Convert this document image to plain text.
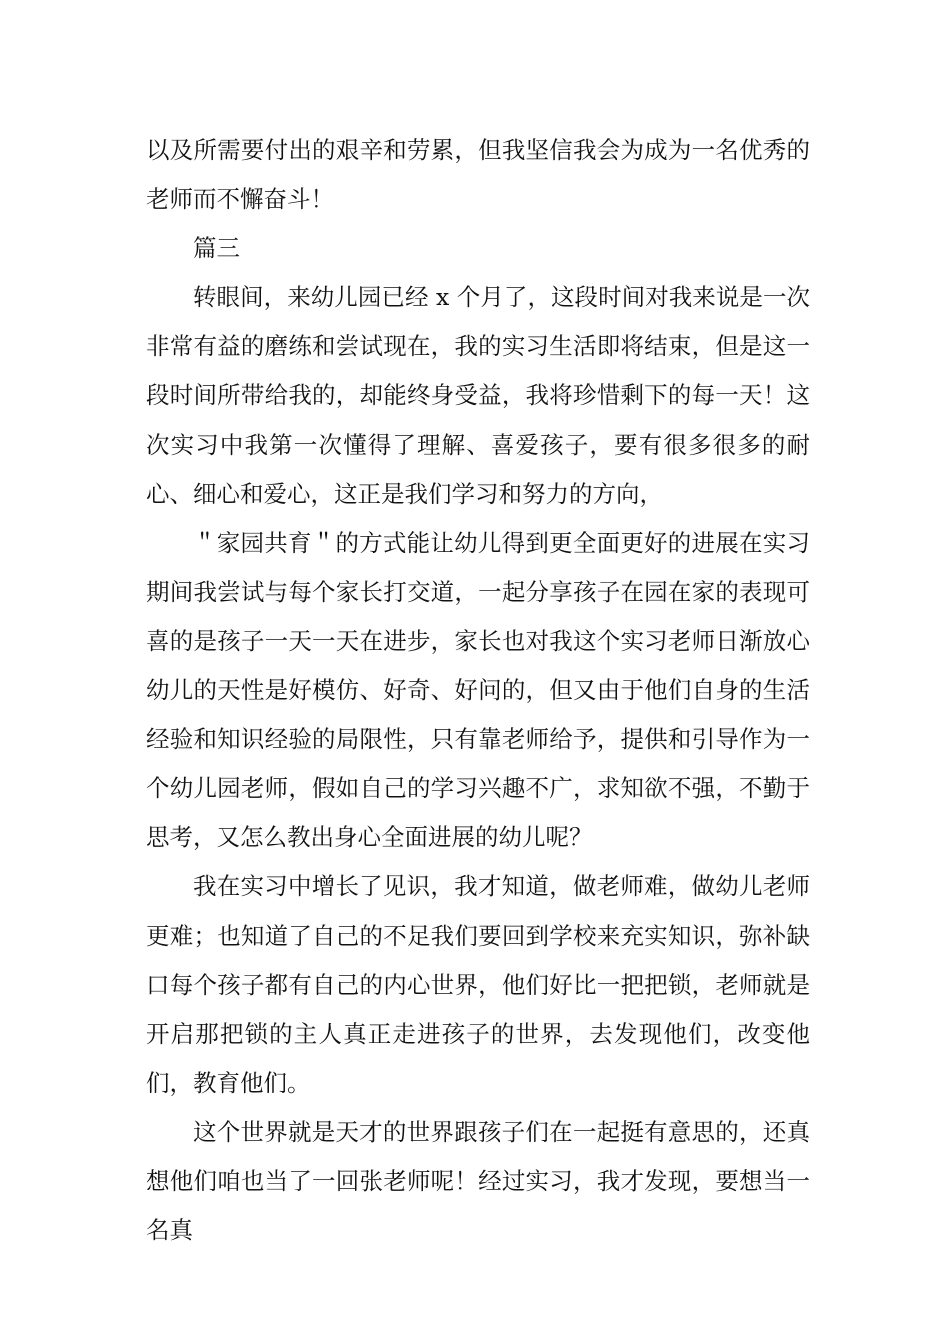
以及所需要付出的艰辛和劳累，但我坚信我会为成为一名优秀的老师而不懈奋斗！

篇三

转眼间，来幼儿园已经 x 个月了，这段时间对我来说是一次非常有益的磨练和尝试现在，我的实习生活即将结束，但是这一段时间所带给我的，却能终身受益，我将珍惜剩下的每一天！这次实习中我第一次懂得了理解、喜爱孩子，要有很多很多的耐心、细心和爱心，这正是我们学习和努力的方向，

＂家园共育＂的方式能让幼儿得到更全面更好的进展在实习期间我尝试与每个家长打交道，一起分享孩子在园在家的表现可喜的是孩子一天一天在进步，家长也对我这个实习老师日渐放心幼儿的天性是好模仿、好奇、好问的，但又由于他们自身的生活经验和知识经验的局限性，只有靠老师给予，提供和引导作为一个幼儿园老师，假如自己的学习兴趣不广，求知欲不强，不勤于思考，又怎么教出身心全面进展的幼儿呢？

我在实习中增长了见识，我才知道，做老师难，做幼儿老师更难；也知道了自己的不足我们要回到学校来充实知识，弥补缺口每个孩子都有自己的内心世界，他们好比一把把锁，老师就是开启那把锁的主人真正走进孩子的世界，去发现他们，改变他们，教育他们。

这个世界就是天才的世界跟孩子们在一起挺有意思的，还真想他们咱也当了一回张老师呢！经过实习，我才发现，要想当一名真
